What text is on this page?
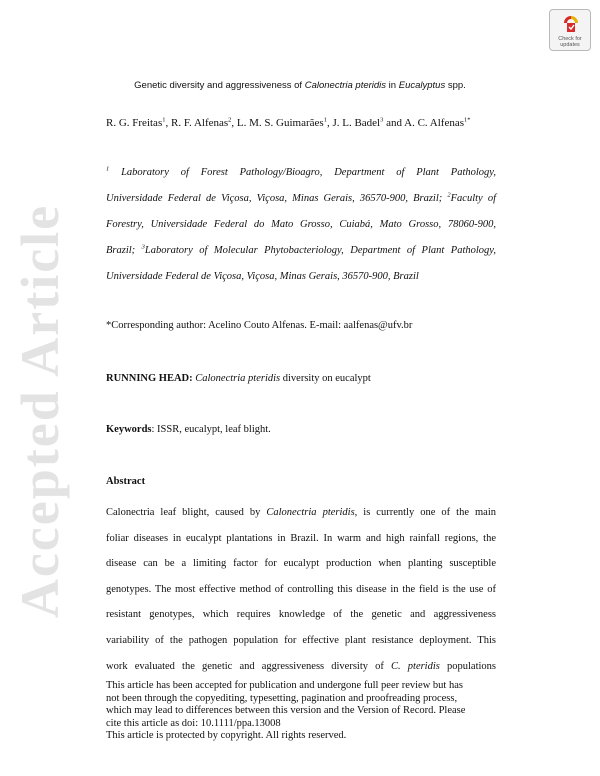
Accepted Article
Check for
updates
Genetic diversity and aggressiveness of Calonectria pteridis in Eucalyptus spp.
R. G. Freitas$^1$, R. F. Alfenas$^2$, L. M. S. Guimarães$^1$, J. L. Badel$^3$ and A. C. Alfenas$^{1*}$
$^1$ Laboratory of Forest Pathology/Bioagro, Department of Plant Pathology,
Universidade Federal de Viçosa, Viçosa, Minas Gerais, 36570-900, Brazil; $^2$Faculty of
Forestry, Universidade Federal do Mato Grosso, Cuiabá, Mato Grosso, 78060-900,
Brazil; $^3$Laboratory of Molecular Phytobacteriology, Department of Plant Pathology,
Universidade Federal de Viçosa, Viçosa, Minas Gerais, 36570-900, Brazil
*Corresponding author: Acelino Couto Alfenas. E-mail: aalfenas@ufv.br
RUNNING HEAD: Calonectria pteridis diversity on eucalypt
Keywords: ISSR, eucalypt, leaf blight.
Abstract
Calonectria leaf blight, caused by Calonectria pteridis, is currently one of the main
foliar diseases in eucalypt plantations in Brazil. In warm and high rainfall regions, the
disease can be a limiting factor for eucalypt production when planting susceptible
genotypes. The most effective method of controlling this disease in the field is the use of
resistant genotypes, which requires knowledge of the genetic and aggressiveness
variability of the pathogen population for effective plant resistance deployment. This
work evaluated the genetic and aggressiveness diversity of C. pteridis populations
This article has been accepted for publication and undergone full peer review but has
not been through the copyediting, typesetting, pagination and proofreading process,
which may lead to differences between this version and the Version of Record. Please
cite this article as doi: 10.1111/ppa.13008
This article is protected by copyright. All rights reserved.
